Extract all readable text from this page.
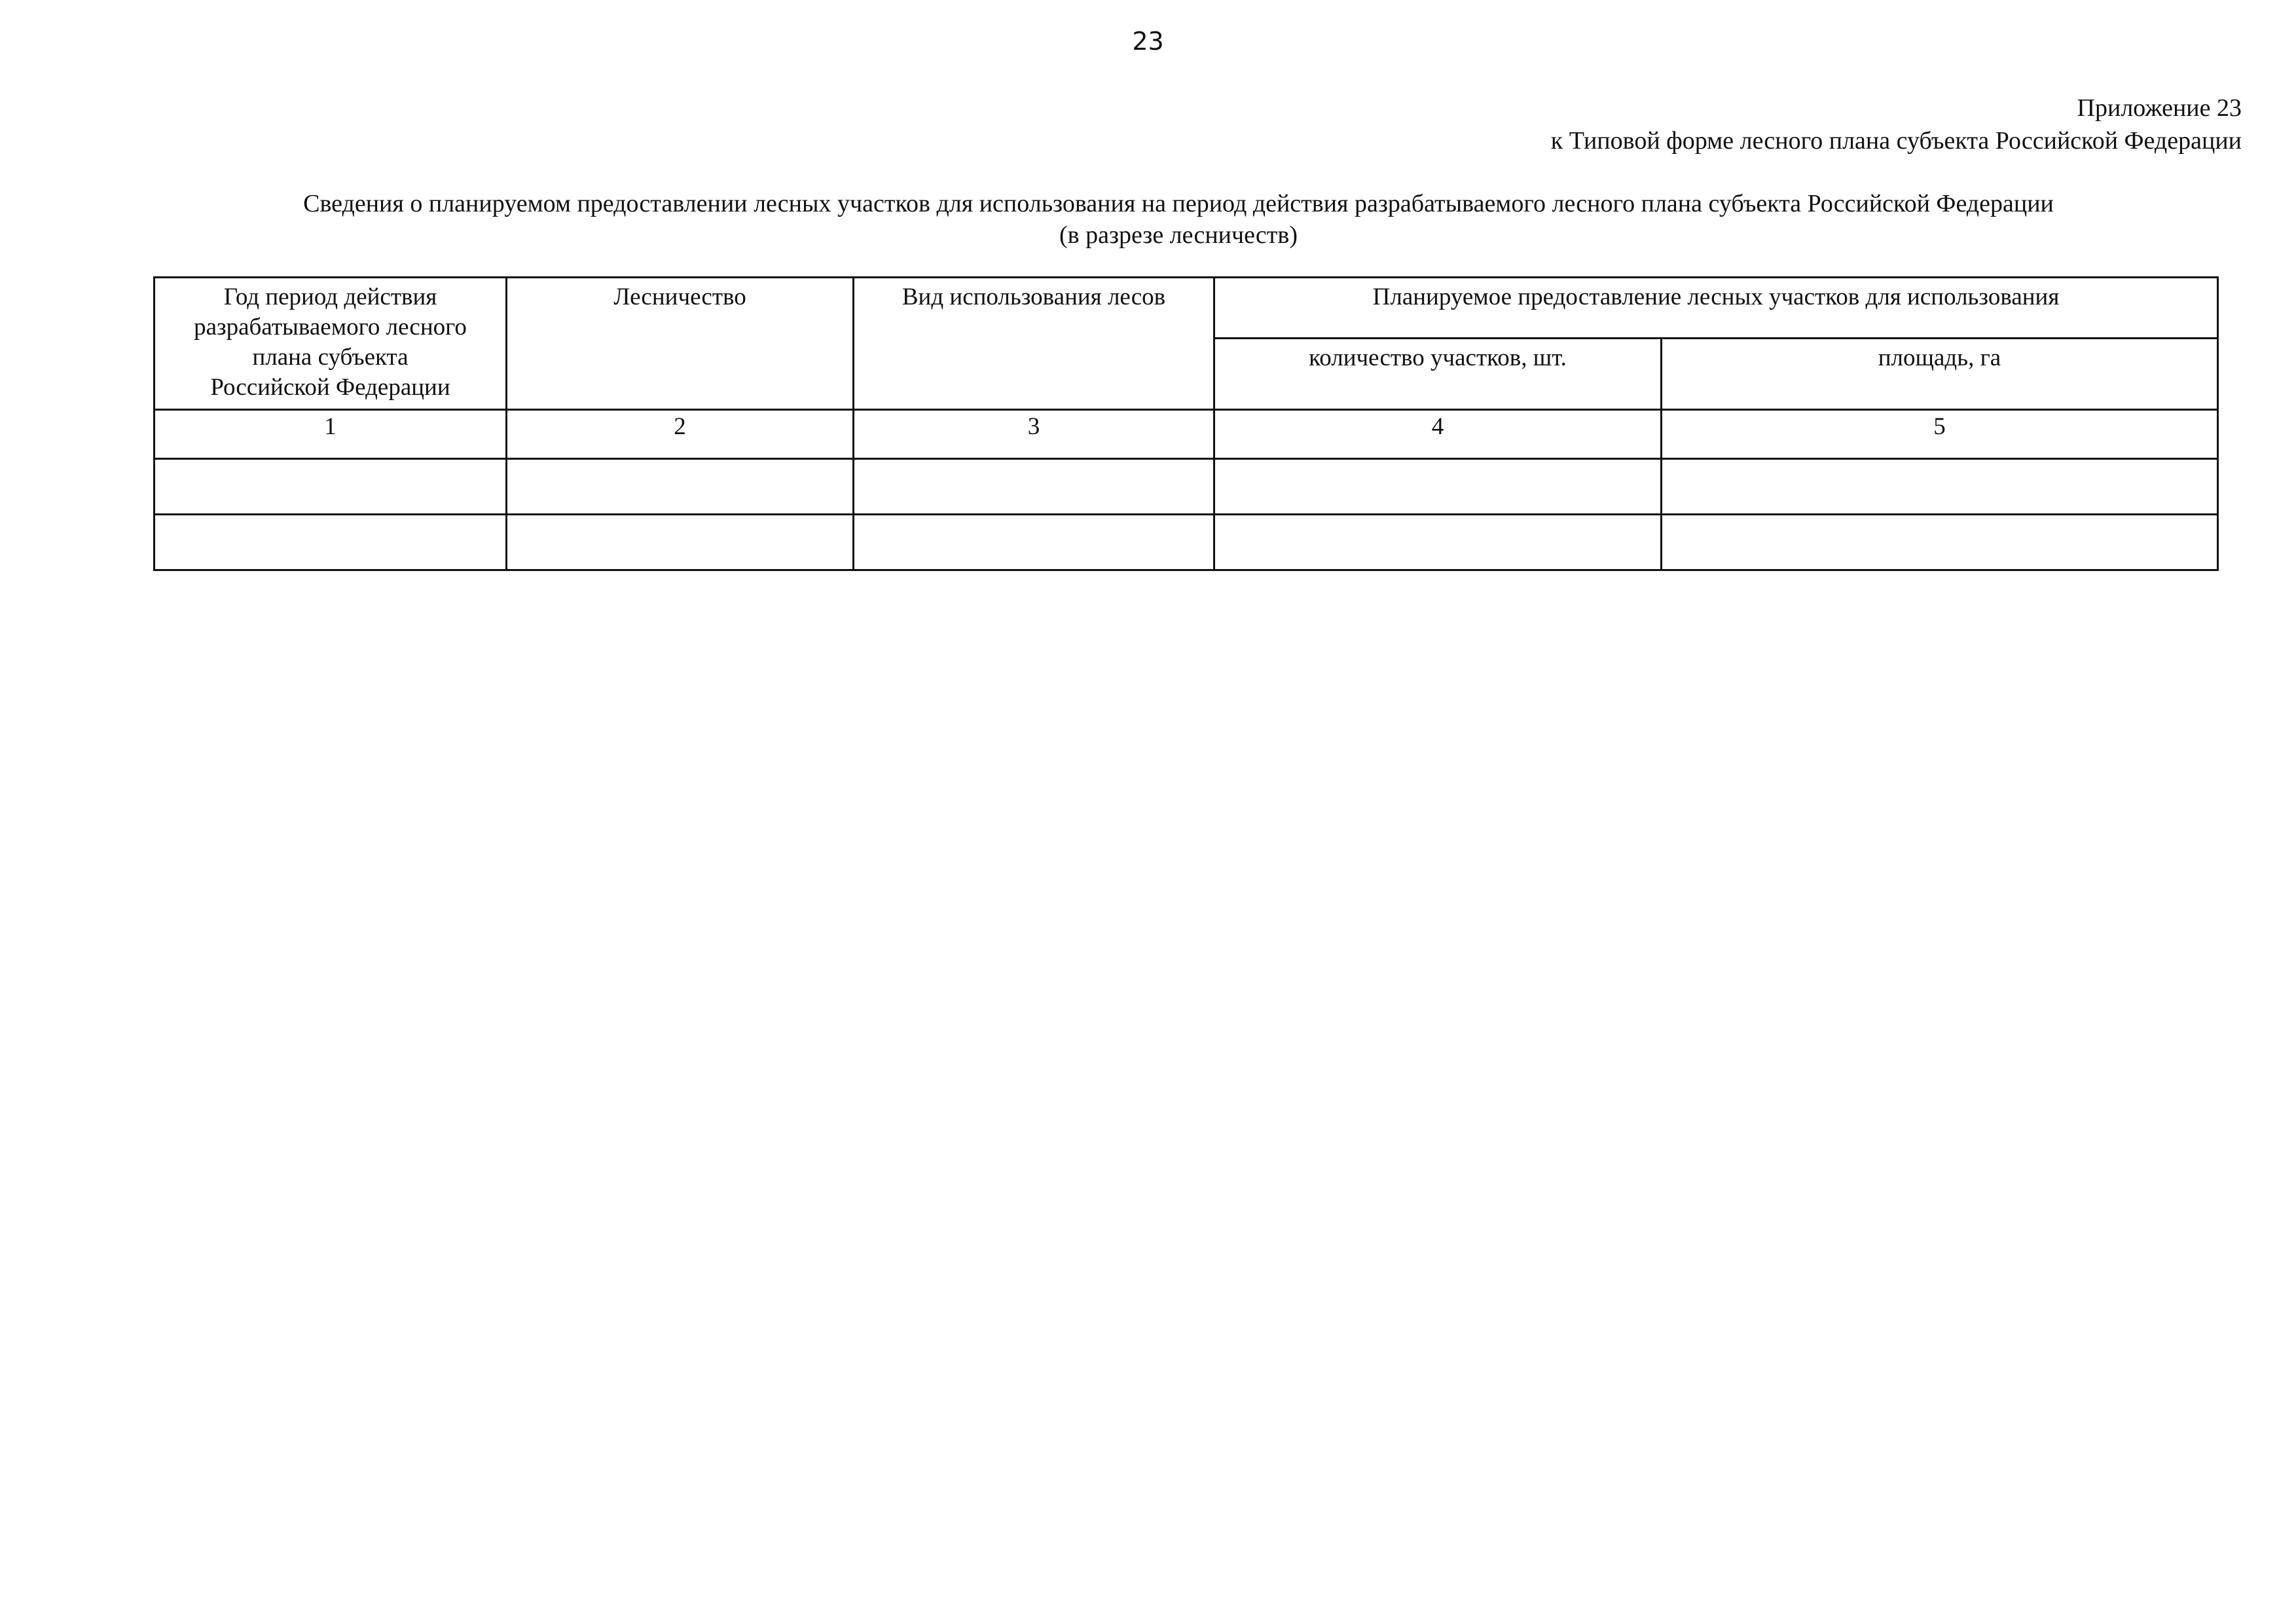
23
Приложение 23
к Типовой форме лесного плана субъекта Российской Федерации
Сведения о планируемом предоставлении лесных участков для использования на период действия разрабатываемого лесного плана субъекта Российской Федерации
(в разрезе лесничеств)
Год период действия
разрабатываемого лесного
плана субъекта
Российской Федерации	Лесничество	Вид использования лесов	Планируемое предоставление лесных участков для использования	
			количество участков, шт.	площадь, га
1	2	3	4	5
